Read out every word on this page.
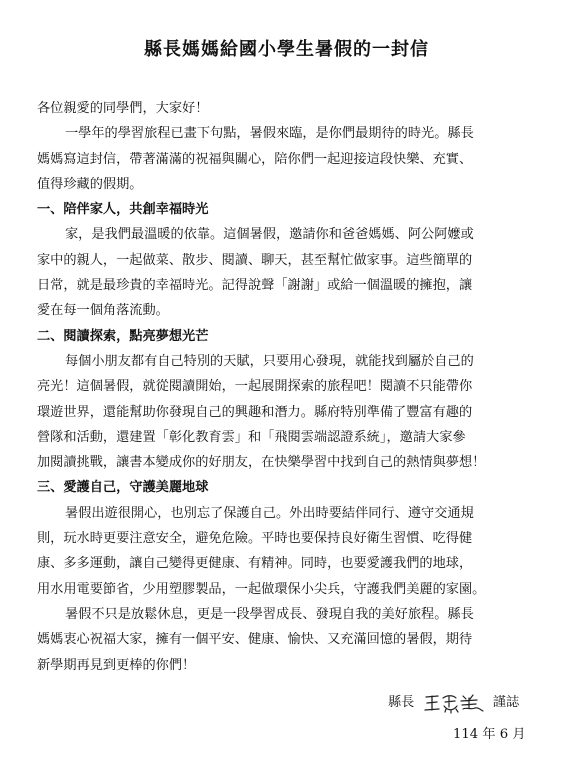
縣長媽媽給國小學生暑假的一封信
各位親愛的同學們，大家好！
一學年的學習旅程已畫下句點，暑假來臨，是你們最期待的時光。縣長
媽媽寫這封信，帶著滿滿的祝福與關心，陪你們一起迎接這段快樂、充實、
值得珍藏的假期。
一、陪伴家人，共創幸福時光
家，是我們最溫暖的依靠。這個暑假，邀請你和爸爸媽媽、阿公阿嬤或
家中的親人，一起做菜、散步、閱讀、聊天，甚至幫忙做家事。這些簡單的
日常，就是最珍貴的幸福時光。記得說聲「謝謝」或給一個溫暖的擁抱，讓
愛在每一個角落流動。
二、閱讀探索，點亮夢想光芒
每個小朋友都有自己特別的天賦，只要用心發現，就能找到屬於自己的
亮光！這個暑假，就從閱讀開始，一起展開探索的旅程吧！閱讀不只能帶你
環遊世界，還能幫助你發現自己的興趣和潛力。縣府特別準備了豐富有趣的
營隊和活動，還建置「彰化教育雲」和「飛閱雲端認證系統」，邀請大家參
加閱讀挑戰，讓書本變成你的好朋友，在快樂學習中找到自己的熱情與夢想！
三、愛護自己，守護美麗地球
暑假出遊很開心，也別忘了保護自己。外出時要結伴同行、遵守交通規
則，玩水時更要注意安全，避免危險。平時也要保持良好衛生習慣、吃得健
康、多多運動，讓自己變得更健康、有精神。同時，也要愛護我們的地球，
用水用電要節省，少用塑膠製品，一起做環保小尖兵，守護我們美麗的家園。
暑假不只是放鬆休息，更是一段學習成長、發現自我的美好旅程。縣長
媽媽衷心祝福大家，擁有一個平安、健康、愉快、又充滿回憶的暑假，期待
新學期再見到更棒的你們！
縣長	謹誌
114 年 6 月
